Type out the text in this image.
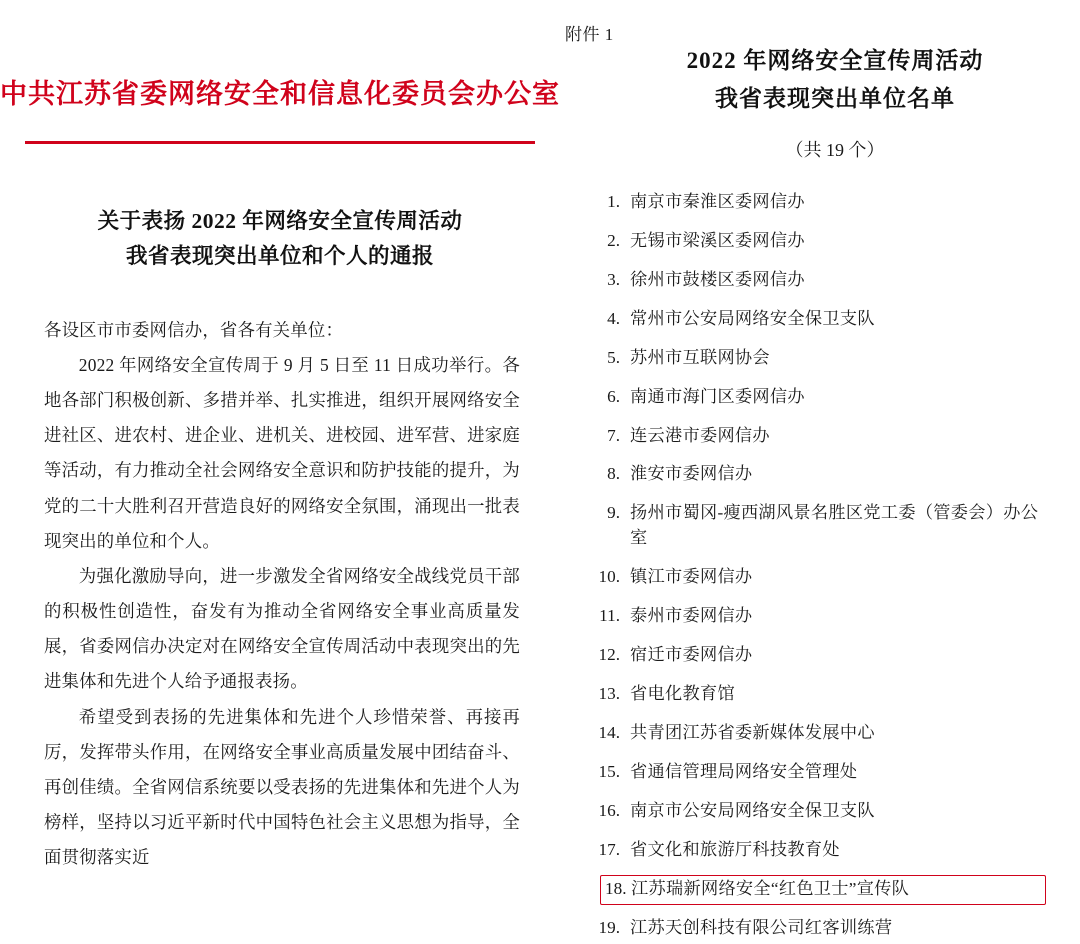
中共江苏省委网络安全和信息化委员会办公室
关于表扬 2022 年网络安全宣传周活动
我省表现突出单位和个人的通报

各设区市市委网信办，省各有关单位：

2022 年网络安全宣传周于 9 月 5 日至 11 日成功举行。各地各部门积极创新、多措并举、扎实推进，组织开展网络安全进社区、进农村、进企业、进机关、进校园、进军营、进家庭等活动，有力推动全社会网络安全意识和防护技能的提升，为党的二十大胜利召开营造良好的网络安全氛围，涌现出一批表现突出的单位和个人。

为强化激励导向，进一步激发全省网络安全战线党员干部的积极性创造性，奋发有为推动全省网络安全事业高质量发展，省委网信办决定对在网络安全宣传周活动中表现突出的先进集体和先进个人给予通报表扬。

希望受到表扬的先进集体和先进个人珍惜荣誉、再接再厉，发挥带头作用，在网络安全事业高质量发展中团结奋斗、再创佳绩。全省网信系统要以受表扬的先进集体和先进个人为榜样，坚持以习近平新时代中国特色社会主义思想为指导，全面贯彻落实近

附件 1
2022 年网络安全宣传周活动
我省表现突出单位名单
（共 19 个）
1. 南京市秦淮区委网信办
2. 无锡市梁溪区委网信办
3. 徐州市鼓楼区委网信办
4. 常州市公安局网络安全保卫支队
5. 苏州市互联网协会
6. 南通市海门区委网信办
7. 连云港市委网信办
8. 淮安市委网信办
9. 扬州市蜀冈-瘦西湖风景名胜区党工委（管委会）办公室
10. 镇江市委网信办
11. 泰州市委网信办
12. 宿迁市委网信办
13. 省电化教育馆
14. 共青团江苏省委新媒体发展中心
15. 省通信管理局网络安全管理处
16. 南京市公安局网络安全保卫支队
17. 省文化和旅游厅科技教育处
18. 江苏瑞新网络安全“红色卫士”宣传队
19. 江苏天创科技有限公司红客训练营
